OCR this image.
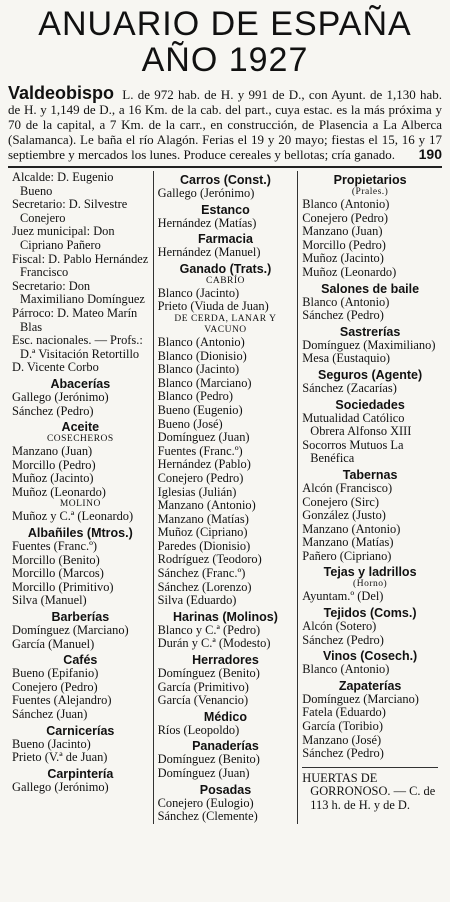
ANUARIO DE ESPAÑA
AÑO 1927
Valdeobispo L. de 972 hab. de H. y 991 de D., con Ayunt. de 1,130 hab. de H. y 1,149 de D., a 16 Km. de la cab. del part., cuya estac. es la más próxima y 70 de la capital, a 7 Km. de la carr., en construcción, de Plasencia a La Alberca (Salamanca). Le baña el río Alagón. Ferias el 19 y 20 mayo; fiestas el 15, 16 y 17 septiembre y mercados los lunes. Produce cereales y bellotas; cría ganado. 190
Alcalde: D. Eugenio Bueno
Secretario: D. Silvestre Conejero
Juez municipal: Don Cipriano Pañero
Fiscal: D. Pablo Hernández Francisco
Secretario: Don Maximiliano Domínguez
Párroco: D. Mateo Marín Blas
Esc. nacionales. — Profs.: D.ª Visitación Retortillo
D. Vicente Corbo
Abacerías
Gallego (Jerónimo)
Sánchez (Pedro)
Aceite
COSECHEROS
Manzano (Juan)
Morcillo (Pedro)
Muñoz (Jacinto)
Muñoz (Leonardo)
MOLINO
Muñoz y C.ª (Leonardo)
Albañiles (Mtros.)
Fuentes (Franc.º)
Morcillo (Benito)
Morcillo (Marcos)
Morcillo (Primitivo)
Silva (Manuel)
Barberías
Domínguez (Marciano)
García (Manuel)
Cafés
Bueno (Epifanio)
Conejero (Pedro)
Fuentes (Alejandro)
Sánchez (Juan)
Carnicerías
Bueno (Jacinto)
Prieto (V.ª de Juan)
Carpintería
Gallego (Jerónimo)
Carros (Const.)
Gallego (Jerónimo)
Estanco
Hernández (Matías)
Farmacia
Hernández (Manuel)
Ganado (Trats.)
CABRÍO
Blanco (Jacinto)
Prieto (Viuda de Juan)
DE CERDA, LANAR Y VACUNO
Blanco (Antonio)
Blanco (Dionisio)
Blanco (Jacinto)
Blanco (Marciano)
Blanco (Pedro)
Bueno (Eugenio)
Bueno (José)
Domínguez (Juan)
Fuentes (Franc.º)
Hernández (Pablo)
Conejero (Pedro)
Iglesias (Julián)
Manzano (Antonio)
Manzano (Matías)
Muñoz (Cipriano)
Paredes (Dionisio)
Rodríguez (Teodoro)
Sánchez (Franc.º)
Sánchez (Lorenzo)
Silva (Eduardo)
Harinas (Molinos)
Blanco y C.ª (Pedro)
Durán y C.ª (Modesto)
Herradores
Domínguez (Benito)
García (Primitivo)
García (Venancio)
Médico
Ríos (Leopoldo)
Panaderías
Domínguez (Benito)
Domínguez (Juan)
Posadas
Conejero (Eulogio)
Sánchez (Clemente)
Propietarios
(Prales.)
Blanco (Antonio)
Conejero (Pedro)
Manzano (Juan)
Morcillo (Pedro)
Muñoz (Jacinto)
Muñoz (Leonardo)
Salones de baile
Blanco (Antonio)
Sánchez (Pedro)
Sastrerías
Domínguez (Maximiliano)
Mesa (Eustaquio)
Seguros (Agente)
Sánchez (Zacarías)
Sociedades
Mutualidad Católico Obrera Alfonso XIII
Socorros Mutuos La Benéfica
Tabernas
Alcón (Francisco)
Conejero (Sirc)
González (Justo)
Manzano (Antonio)
Manzano (Matías)
Pañero (Cipriano)
Tejas y ladrillos
(Horno)
Ayuntam.º (Del)
Tejidos (Coms.)
Alcón (Sotero)
Sánchez (Pedro)
Vinos (Cosech.)
Blanco (Antonio)
Zapaterías
Domínguez (Marciano)
Fatela (Eduardo)
García (Toribio)
Manzano (José)
Sánchez (Pedro)
HUERTAS DE GORRONOSO. — C. de 113 h. de H. y de D.
